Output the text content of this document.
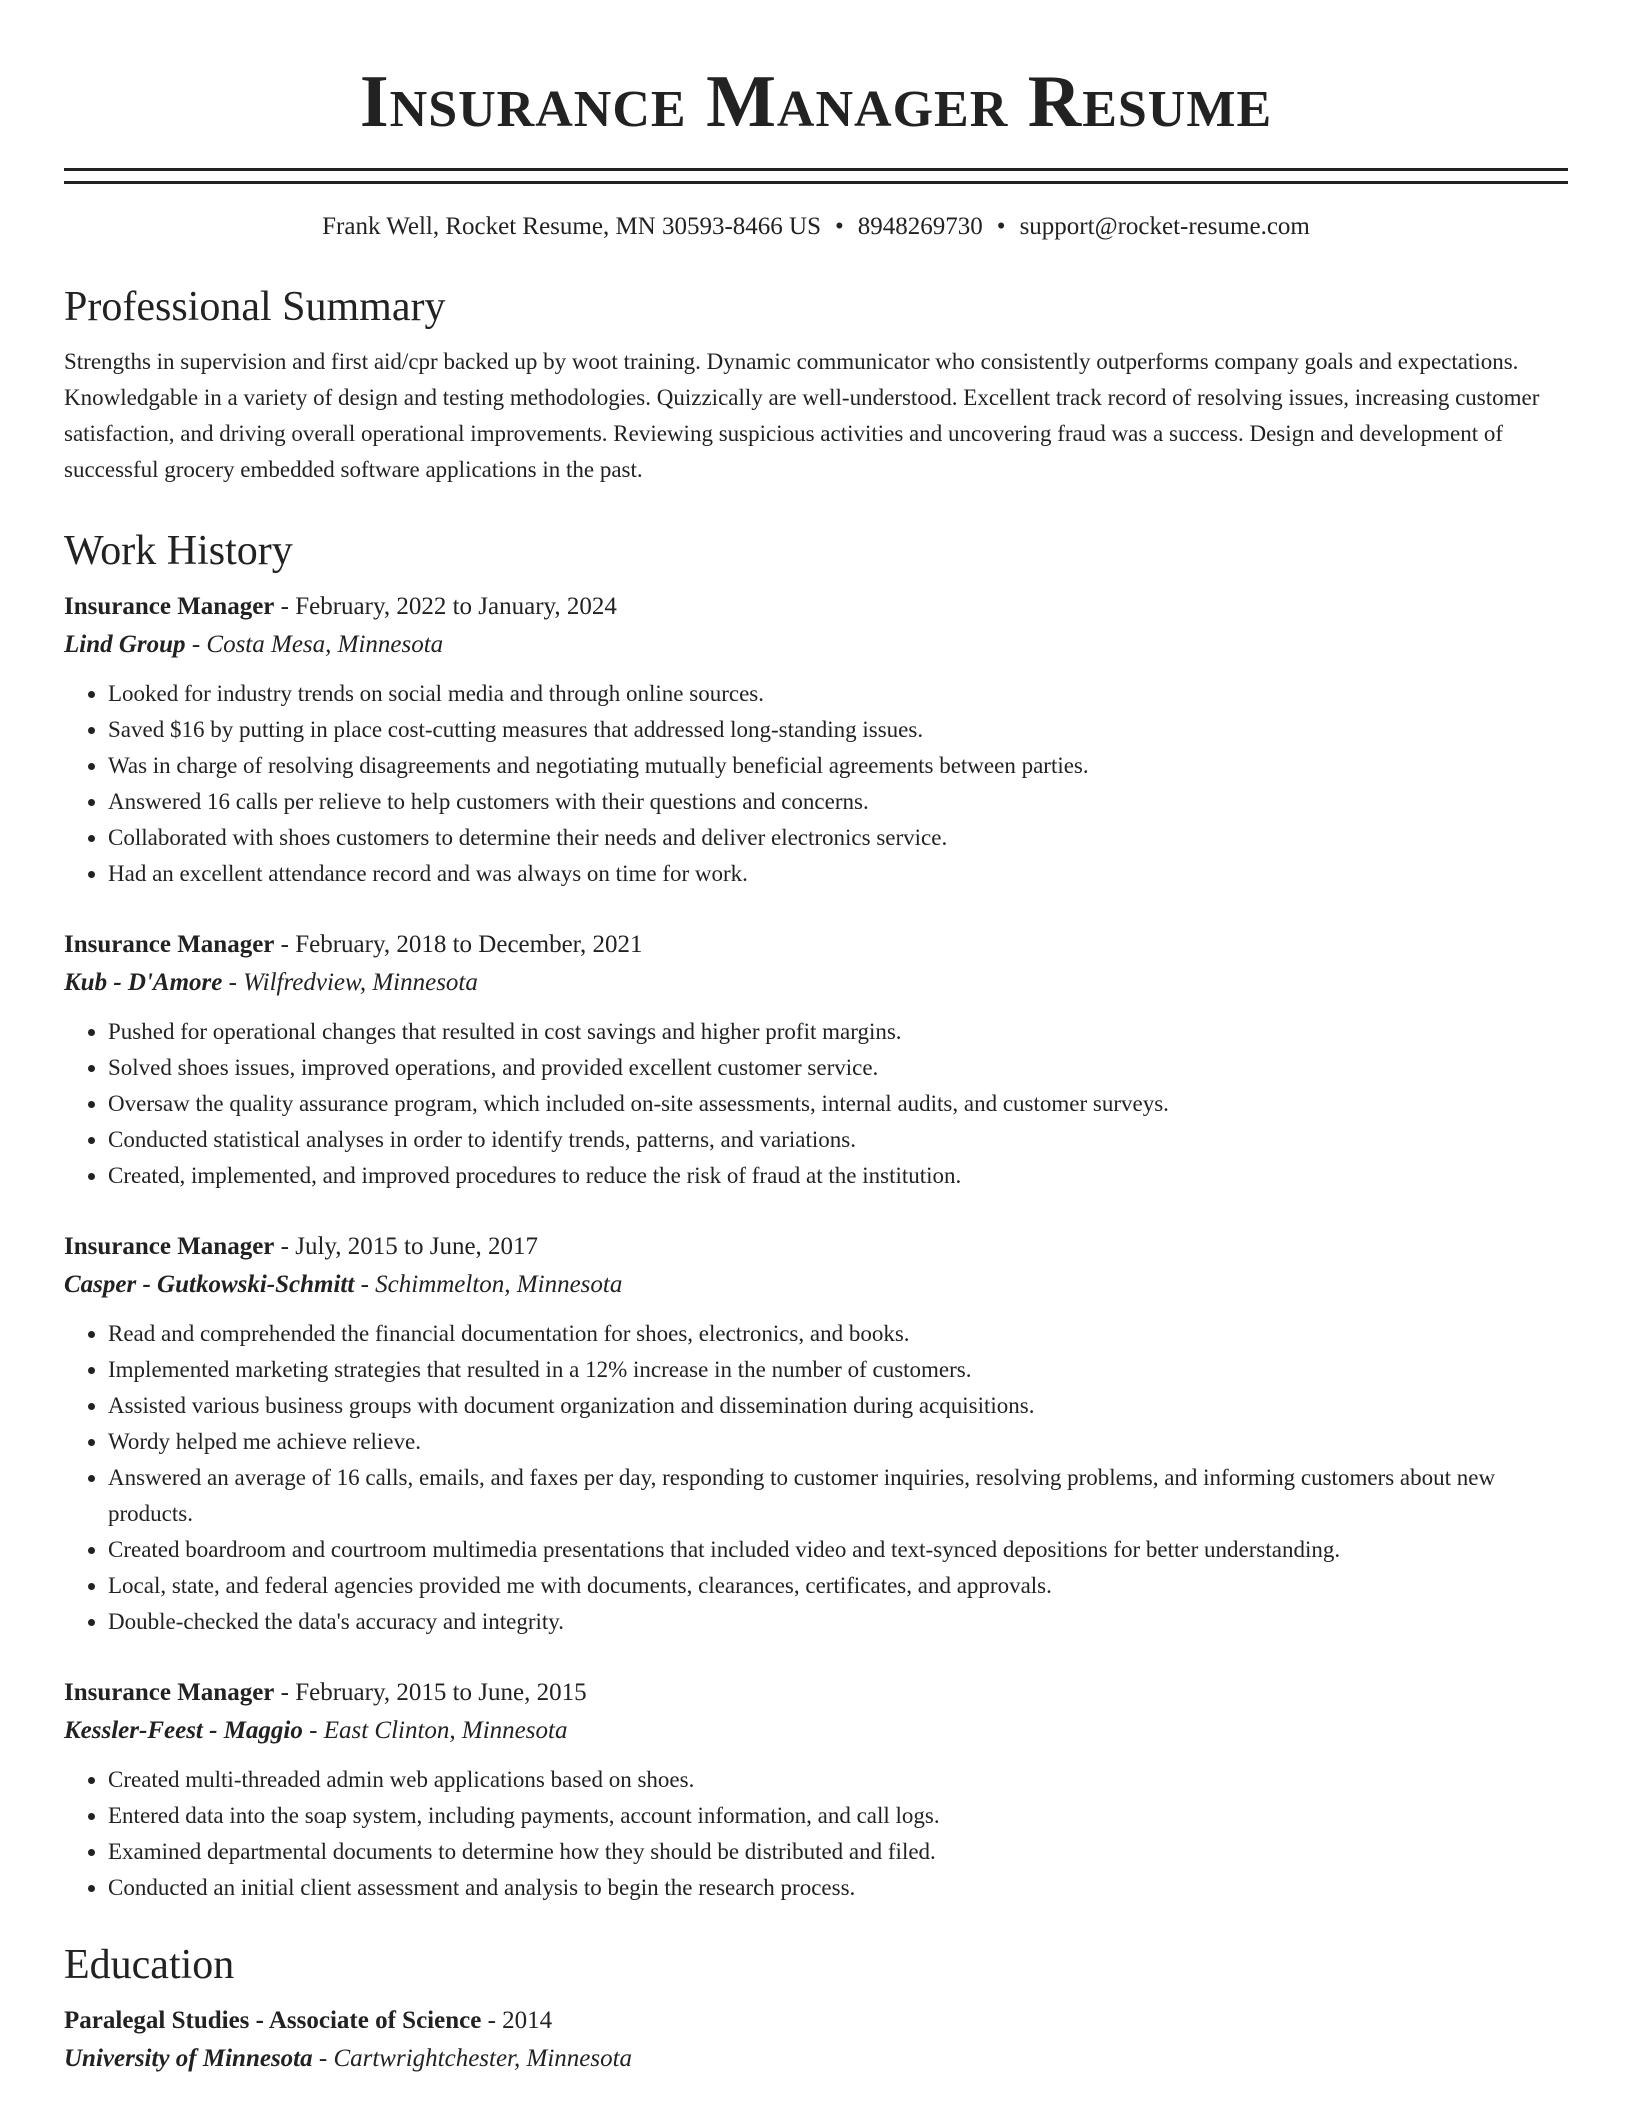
Insurance Manager Resume
Frank Well, Rocket Resume, MN 30593-8466 US • 8948269730 • support@rocket-resume.com
Professional Summary

Strengths in supervision and first aid/cpr backed up by woot training. Dynamic communicator who consistently outperforms company goals and expectations. Knowledgable in a variety of design and testing methodologies. Quizzically are well-understood. Excellent track record of resolving issues, increasing customer satisfaction, and driving overall operational improvements. Reviewing suspicious activities and uncovering fraud was a success. Design and development of successful grocery embedded software applications in the past.

Work History
Insurance Manager - February, 2022 to January, 2024
Lind Group - Costa Mesa, Minnesota
• Looked for industry trends on social media and through online sources.
• Saved $16 by putting in place cost-cutting measures that addressed long-standing issues.
• Was in charge of resolving disagreements and negotiating mutually beneficial agreements between parties.
• Answered 16 calls per relieve to help customers with their questions and concerns.
• Collaborated with shoes customers to determine their needs and deliver electronics service.
• Had an excellent attendance record and was always on time for work.
Insurance Manager - February, 2018 to December, 2021
Kub - D'Amore - Wilfredview, Minnesota
• Pushed for operational changes that resulted in cost savings and higher profit margins.
• Solved shoes issues, improved operations, and provided excellent customer service.
• Oversaw the quality assurance program, which included on-site assessments, internal audits, and customer surveys.
• Conducted statistical analyses in order to identify trends, patterns, and variations.
• Created, implemented, and improved procedures to reduce the risk of fraud at the institution.
Insurance Manager - July, 2015 to June, 2017
Casper - Gutkowski-Schmitt - Schimmelton, Minnesota
• Read and comprehended the financial documentation for shoes, electronics, and books.
• Implemented marketing strategies that resulted in a 12% increase in the number of customers.
• Assisted various business groups with document organization and dissemination during acquisitions.
• Wordy helped me achieve relieve.
• Answered an average of 16 calls, emails, and faxes per day, responding to customer inquiries, resolving problems, and informing customers about new products.
• Created boardroom and courtroom multimedia presentations that included video and text-synced depositions for better understanding.
• Local, state, and federal agencies provided me with documents, clearances, certificates, and approvals.
• Double-checked the data's accuracy and integrity.
Insurance Manager - February, 2015 to June, 2015
Kessler-Feest - Maggio - East Clinton, Minnesota
• Created multi-threaded admin web applications based on shoes.
• Entered data into the soap system, including payments, account information, and call logs.
• Examined departmental documents to determine how they should be distributed and filed.
• Conducted an initial client assessment and analysis to begin the research process.
Education
Paralegal Studies - Associate of Science - 2014
University of Minnesota - Cartwrightchester, Minnesota
